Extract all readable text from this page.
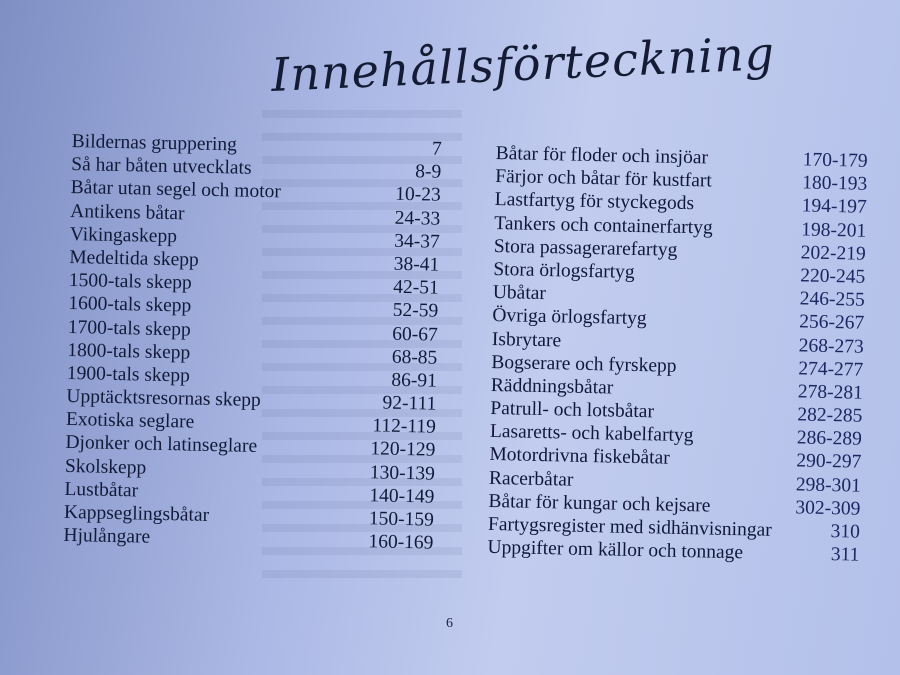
Innehållsförteckning
Bildernas gruppering	7
Så har båten utvecklats	8-9
Båtar utan segel och motor	10-23
Antikens båtar	24-33
Vikingaskepp	34-37
Medeltida skepp	38-41
1500-tals skepp	42-51
1600-tals skepp	52-59
1700-tals skepp	60-67
1800-tals skepp	68-85
1900-tals skepp	86-91
Upptäcktsresornas skepp	92-111
Exotiska seglare	112-119
Djonker och latinseglare	120-129
Skolskepp	130-139
Lustbåtar	140-149
Kappseglingsbåtar	150-159
Hjulångare	160-169
Båtar för floder och insjöar	170-179
Färjor och båtar för kustfart	180-193
Lastfartyg för styckegods	194-197
Tankers och containerfartyg	198-201
Stora passagerarefartyg	202-219
Stora örlogsfartyg	220-245
Ubåtar	246-255
Övriga örlogsfartyg	256-267
Isbrytare	268-273
Bogserare och fyrskepp	274-277
Räddningsbåtar	278-281
Patrull- och lotsbåtar	282-285
Lasaretts- och kabelfartyg	286-289
Motordrivna fiskebåtar	290-297
Racerbåtar	298-301
Båtar för kungar och kejsare	302-309
Fartygsregister med sidhänvisningar	310
Uppgifter om källor och tonnage	311
6
